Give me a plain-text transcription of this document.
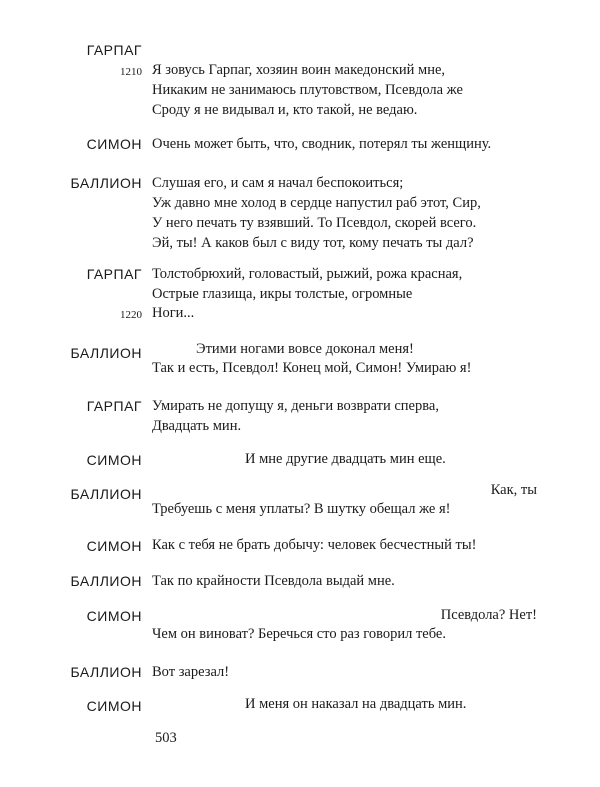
ГАРПАГ
1210 Я зовусь Гарпаг, хозяин воин македонский мне,
Никаким не занимаюсь плутовством, Псевдола же
Сроду я не видывал и, кто такой, не ведаю.
СИМОН Очень может быть, что, сводник, потерял ты женщину.
БАЛЛИОН Слушая его, и сам я начал беспокоиться;
Уж давно мне холод в сердце напустил раб этот, Сир,
У него печать ту взявший. То Псевдол, скорей всего.
Эй, ты! А каков был с виду тот, кому печать ты дал?
ГАРПАГ Толстобрюхий, головастый, рыжий, рожа красная,
Острые глазища, икры толстые, огромные
1220 Ноги...
БАЛЛИОН	Этими ногами вовсе доконал меня!
Так и есть, Псевдол! Конец мой, Симон! Умираю я!
ГАРПАГ Умирать не допущу я, деньги возврати сперва,
Двадцать мин.
СИМОН	И мне другие двадцать мин еще.
БАЛЛИОН	Как, ты
Требуешь с меня уплаты? В шутку обещал же я!
СИМОН Как с тебя не брать добычу: человек бесчестный ты!
БАЛЛИОН Так по крайности Псевдола выдай мне.
СИМОН	Псевдола? Нет!
Чем он виноват? Беречься сто раз говорил тебе.
БАЛЛИОН Вот зарезал!
СИМОН	И меня он наказал на двадцать мин.
503
